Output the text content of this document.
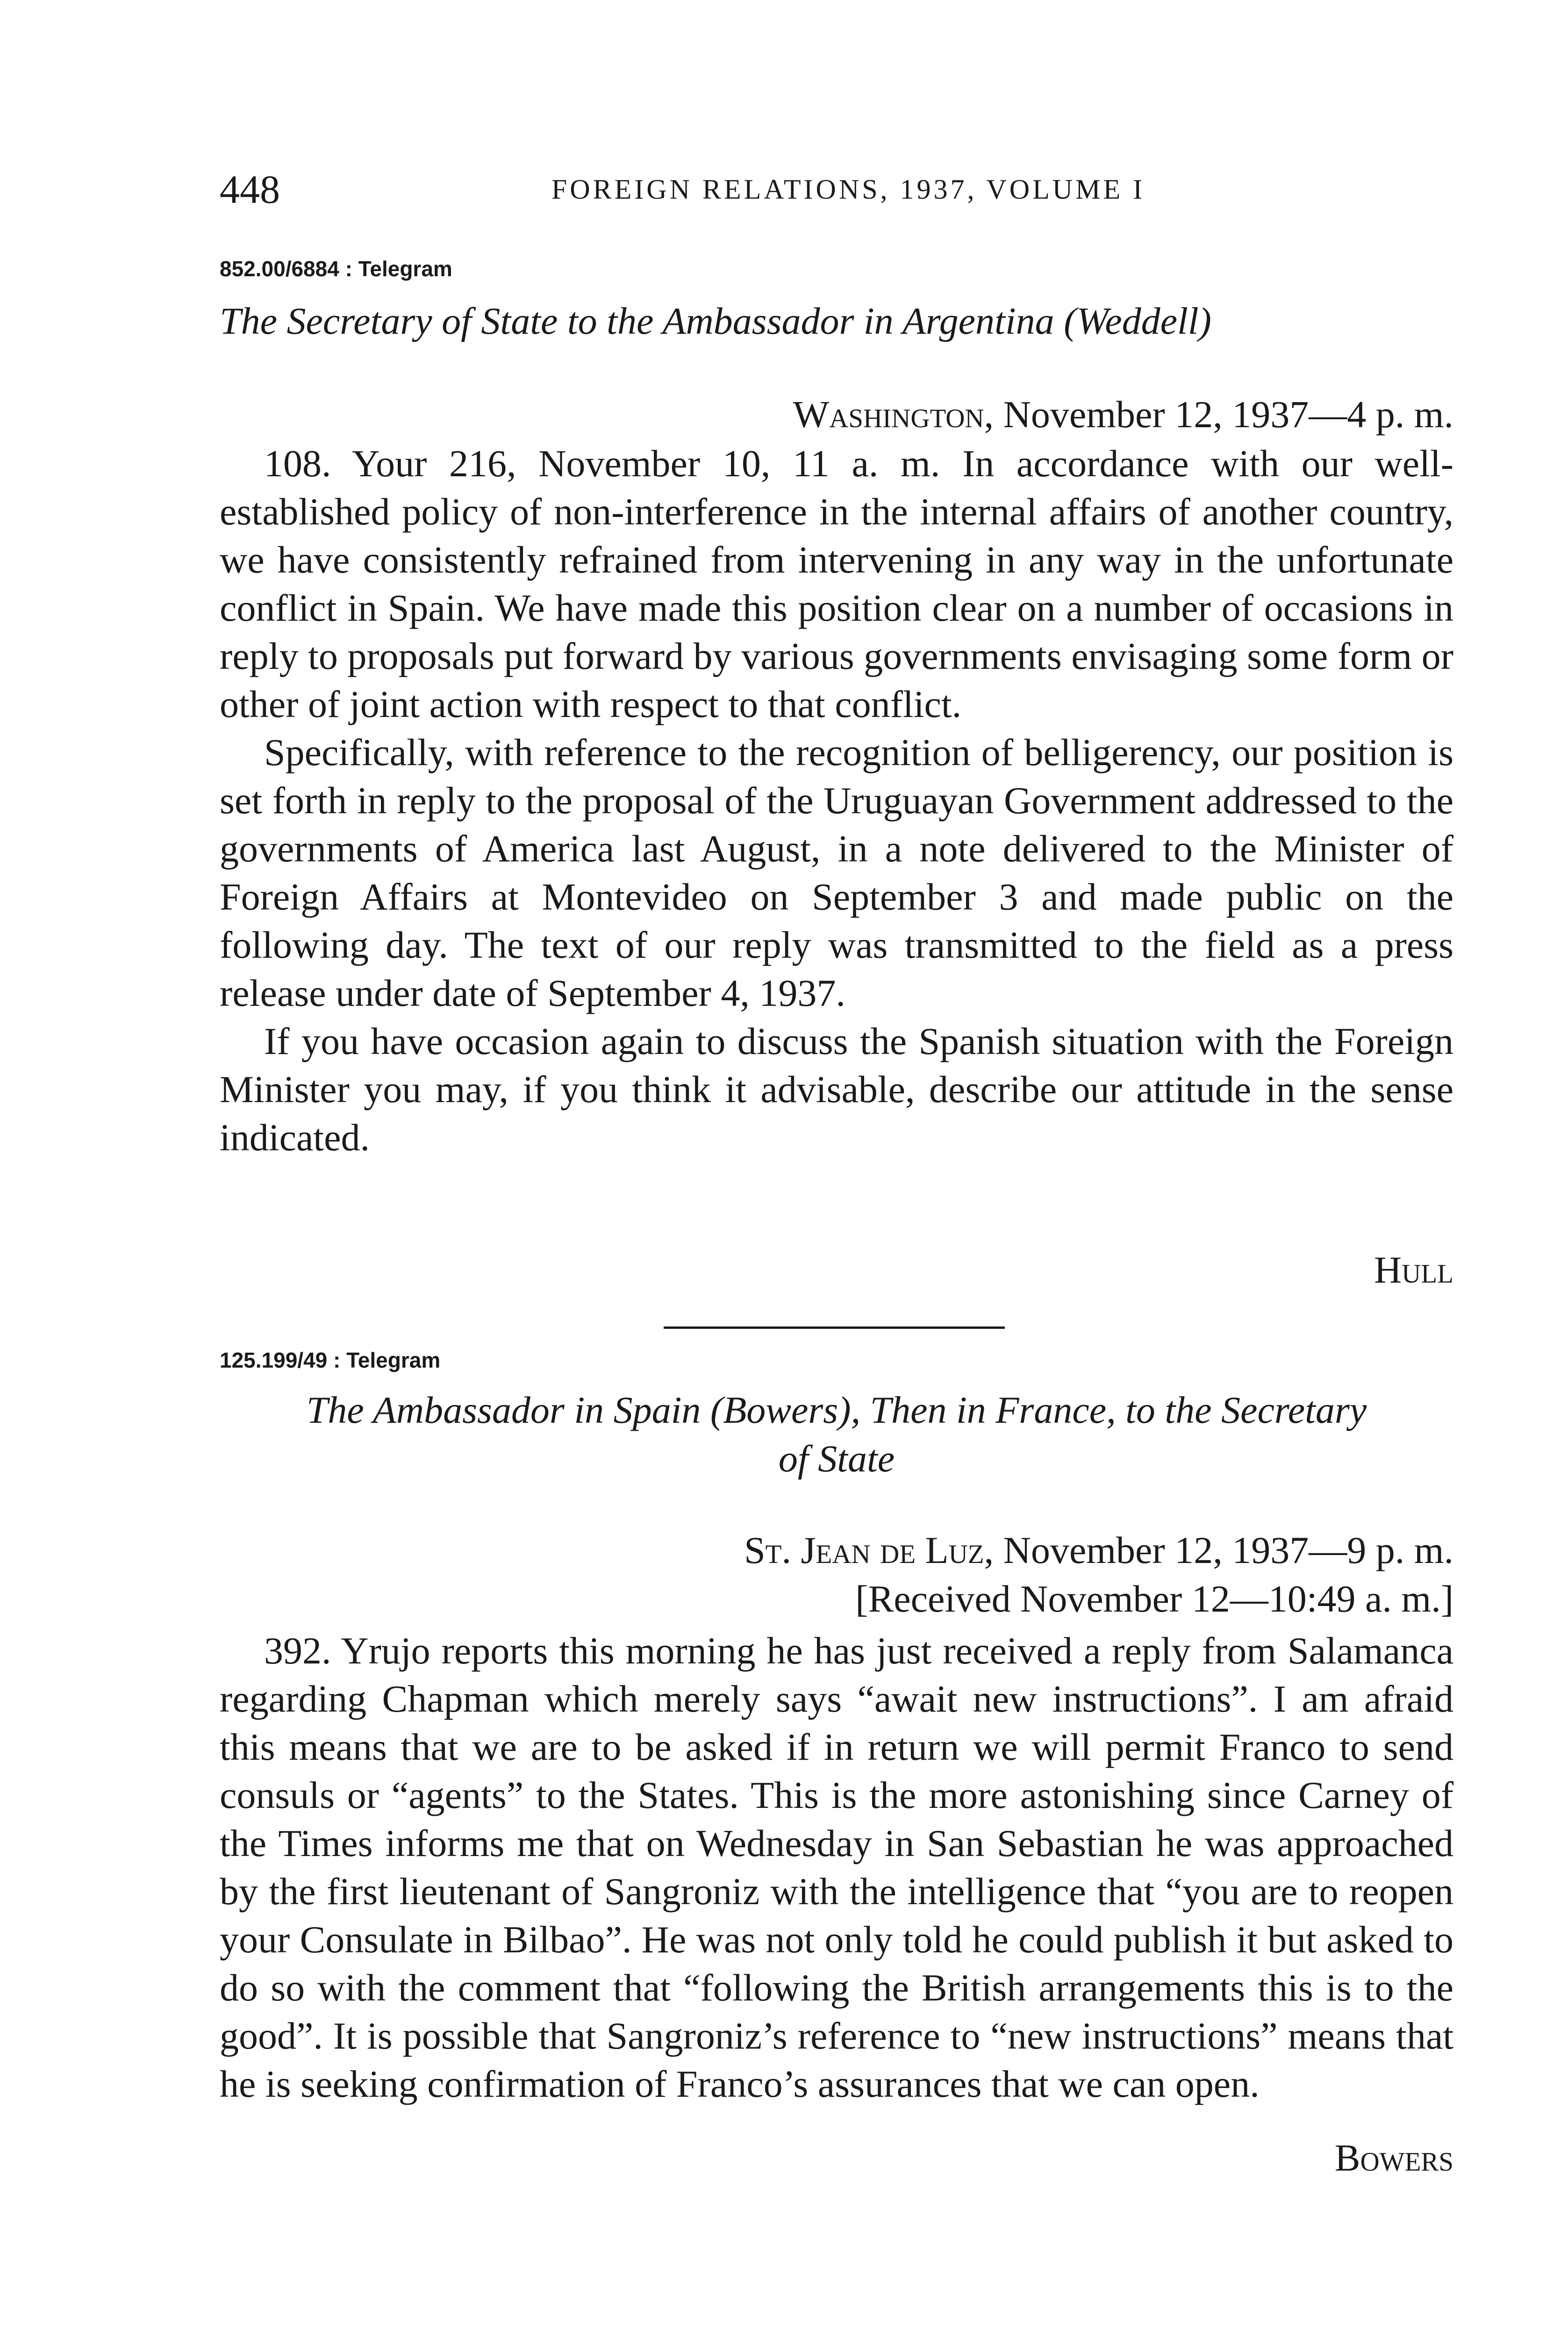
448	FOREIGN RELATIONS, 1937, VOLUME I
852.00/6884 : Telegram
The Secretary of State to the Ambassador in Argentina (Weddell)
Washington, November 12, 1937—4 p. m.

108. Your 216, November 10, 11 a. m. In accordance with our well-established policy of non-interference in the internal affairs of another country, we have consistently refrained from intervening in any way in the unfortunate conflict in Spain. We have made this position clear on a number of occasions in reply to proposals put forward by various governments envisaging some form or other of joint action with respect to that conflict.

Specifically, with reference to the recognition of belligerency, our position is set forth in reply to the proposal of the Uruguayan Government addressed to the governments of America last August, in a note delivered to the Minister of Foreign Affairs at Montevideo on September 3 and made public on the following day. The text of our reply was transmitted to the field as a press release under date of September 4, 1937.

If you have occasion again to discuss the Spanish situation with the Foreign Minister you may, if you think it advisable, describe our attitude in the sense indicated.

Hull
125.199/49 : Telegram
The Ambassador in Spain (Bowers), Then in France, to the Secretary
of State
St. Jean de Luz, November 12, 1937—9 p. m.
[Received November 12—10:49 a. m.]

392. Yrujo reports this morning he has just received a reply from Salamanca regarding Chapman which merely says “await new instructions”. I am afraid this means that we are to be asked if in return we will permit Franco to send consuls or “agents” to the States. This is the more astonishing since Carney of the Times informs me that on Wednesday in San Sebastian he was approached by the first lieutenant of Sangroniz with the intelligence that “you are to reopen your Consulate in Bilbao”. He was not only told he could publish it but asked to do so with the comment that “following the British arrangements this is to the good”. It is possible that Sangroniz’s reference to “new instructions” means that he is seeking confirmation of Franco’s assurances that we can open.

Bowers
